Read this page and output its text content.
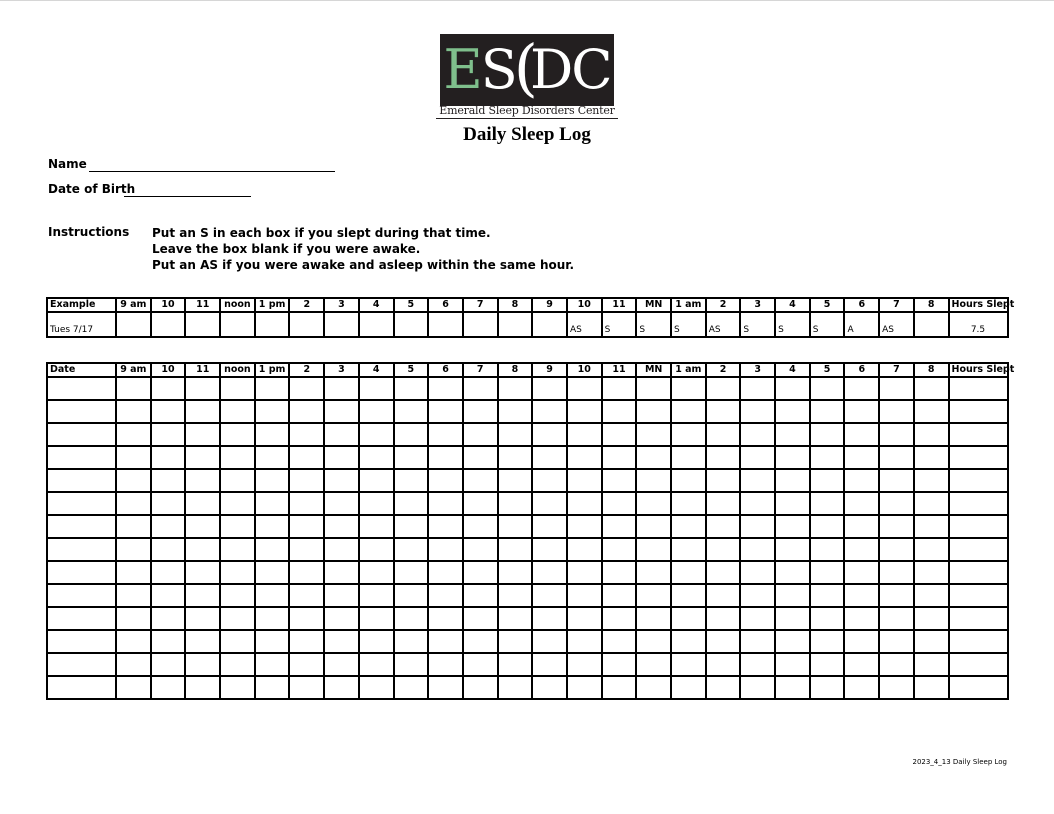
E S
(
DC
Emerald Sleep Disorders Center
Daily Sleep Log
Name
Date of Birth
Instructions Put an S in each box if you slept during that time.
Leave the box blank if you were awake.
Put an AS if you were awake and asleep within the same hour.
Example	9 am	10	11	noon	1 pm	2	3	4	5	6	7	8	9	10	11	MN	1 am	2	3	4	5	6	7	8	Hours Slept
Tues 7/17														AS	S	S	S	AS	S	S	S	A	AS		7.5
Date	9 am	10	11	noon	1 pm	2	3	4	5	6	7	8	9	10	11	MN	1 am	2	3	4	5	6	7	8	Hours Slept

2023_4_13 Daily Sleep Log
